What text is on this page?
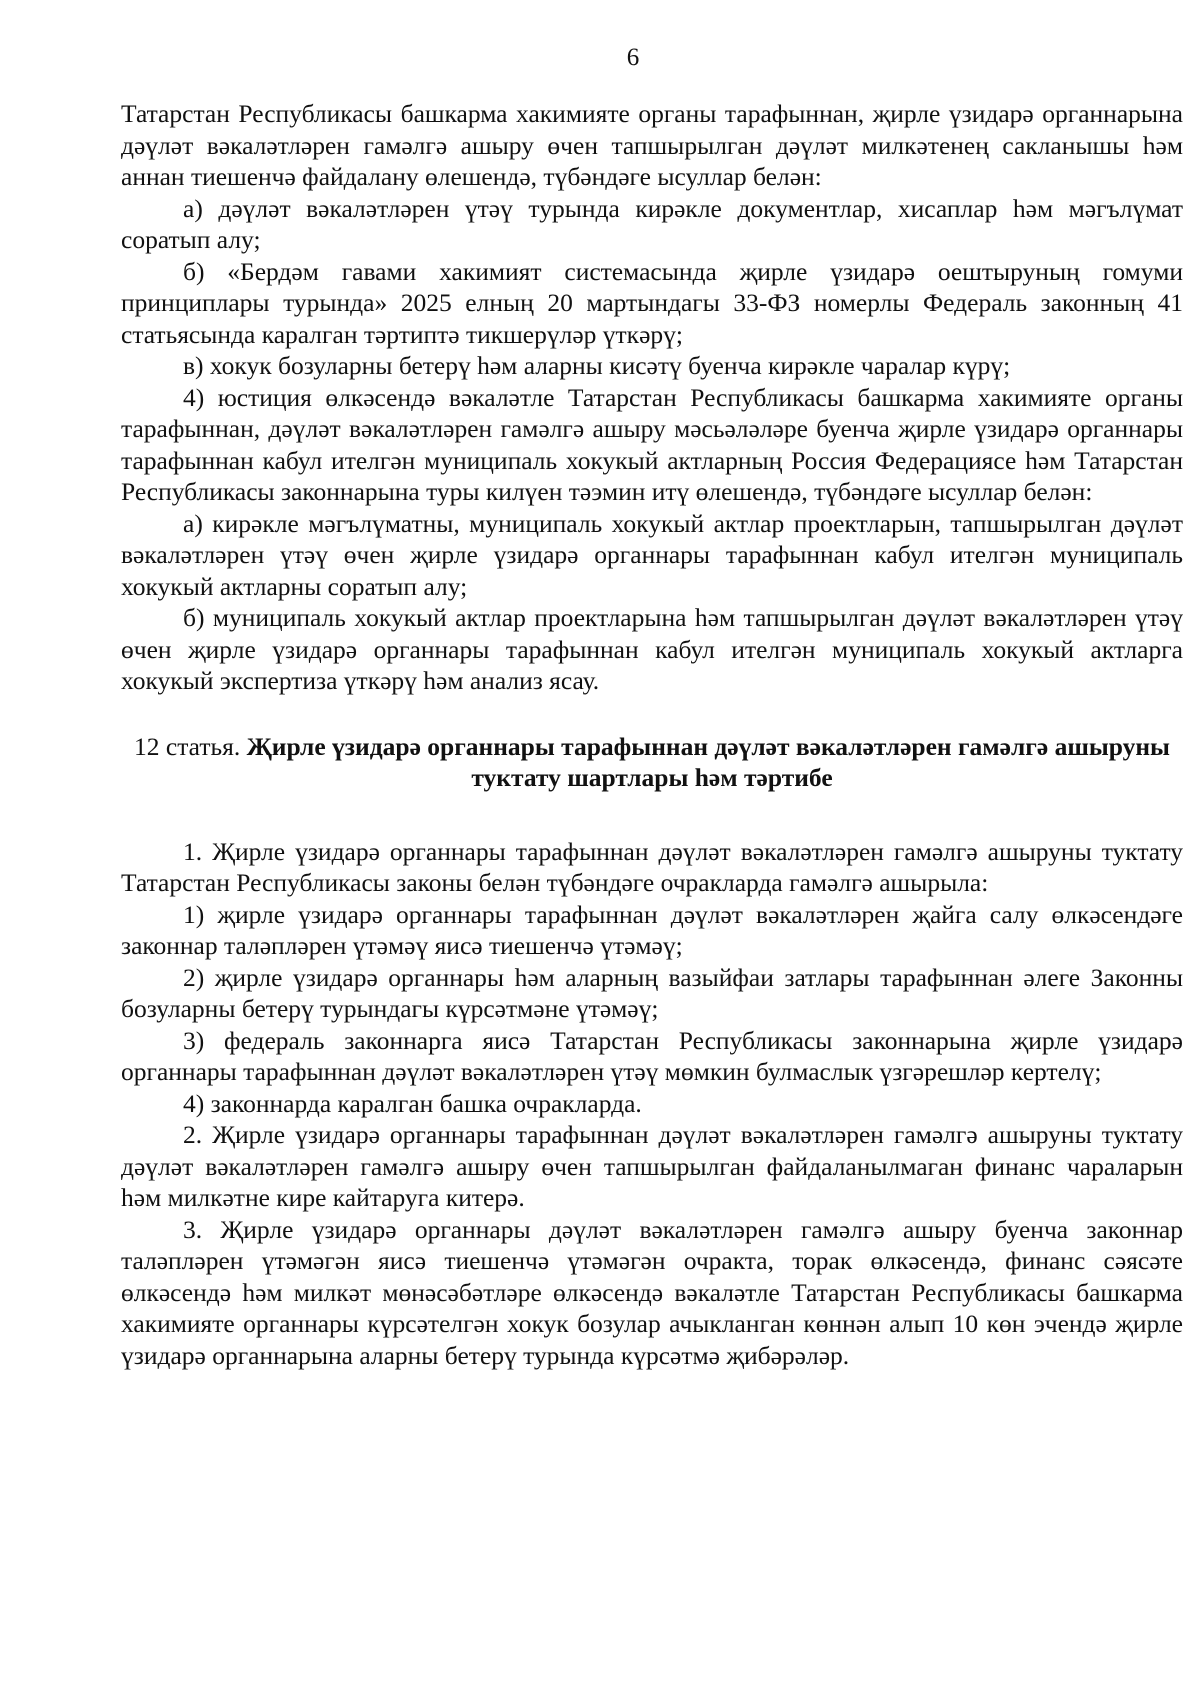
6

Татарстан Республикасы башкарма хакимияте органы тарафыннан, җирле үзидарә органнарына дәүләт вәкаләтләрен гамәлгә ашыру өчен тапшырылган дәүләт милкәтенең сакланышы һәм аннан тиешенчә файдалану өлешендә, түбәндәге ысуллар белән:

а) дәүләт вәкаләтләрен үтәү турында кирәкле документлар, хисаплар һәм мәгълүмат соратып алу;

б) «Бердәм гавами хакимият системасында җирле үзидарә оештыруның гомуми принциплары турында» 2025 елның 20 мартындагы 33-ФЗ номерлы Федераль законның 41 статьясында каралган тәртиптә тикшерүләр үткәрү;

в) хокук бозуларны бетерү һәм аларны кисәтү буенча кирәкле чаралар күрү;

4) юстиция өлкәсендә вәкаләтле Татарстан Республикасы башкарма хакимияте органы тарафыннан, дәүләт вәкаләтләрен гамәлгә ашыру мәсьәләләре буенча җирле үзидарә органнары тарафыннан кабул ителгән муниципаль хокукый актларның Россия Федерациясе һәм Татарстан Республикасы законнарына туры килүен тәэмин итү өлешендә, түбәндәге ысуллар белән:

а) кирәкле мәгълүматны, муниципаль хокукый актлар проектларын, тапшырылган дәүләт вәкаләтләрен үтәү өчен җирле үзидарә органнары тарафыннан кабул ителгән муниципаль хокукый актларны соратып алу;

б) муниципаль хокукый актлар проектларына һәм тапшырылган дәүләт вәкаләтләрен үтәү өчен җирле үзидарә органнары тарафыннан кабул ителгән муниципаль хокукый актларга хокукый экспертиза үткәрү һәм анализ ясау.

12 статья. Җирле үзидарә органнары тарафыннан дәүләт вәкаләтләрен гамәлгә ашыруны туктату шартлары һәм тәртибе

1. Җирле үзидарә органнары тарафыннан дәүләт вәкаләтләрен гамәлгә ашыруны туктату Татарстан Республикасы законы белән түбәндәге очракларда гамәлгә ашырыла:

1) җирле үзидарә органнары тарафыннан дәүләт вәкаләтләрен җайга салу өлкәсендәге законнар таләпләрен үтәмәү яисә тиешенчә үтәмәү;

2) җирле үзидарә органнары һәм аларның вазыйфаи затлары тарафыннан әлеге Законны бозуларны бетерү турындагы күрсәтмәне үтәмәү;

3) федераль законнарга яисә Татарстан Республикасы законнарына җирле үзидарә органнары тарафыннан дәүләт вәкаләтләрен үтәү мөмкин булмаслык үзгәрешләр кертелү;

4) законнарда каралган башка очракларда.

2. Җирле үзидарә органнары тарафыннан дәүләт вәкаләтләрен гамәлгә ашыруны туктату дәүләт вәкаләтләрен гамәлгә ашыру өчен тапшырылган файдаланылмаган финанс чараларын һәм милкәтне кире кайтаруга китерә.

3. Җирле үзидарә органнары дәүләт вәкаләтләрен гамәлгә ашыру буенча законнар таләпләрен үтәмәгән яисә тиешенчә үтәмәгән очракта, торак өлкәсендә, финанс сәясәте өлкәсендә һәм милкәт мөнәсәбәтләре өлкәсендә вәкаләтле Татарстан Республикасы башкарма хакимияте органнары күрсәтелгән хокук бозулар ачыкланган көннән алып 10 көн эчендә җирле үзидарә органнарына аларны бетерү турында күрсәтмә җибәрәләр.
